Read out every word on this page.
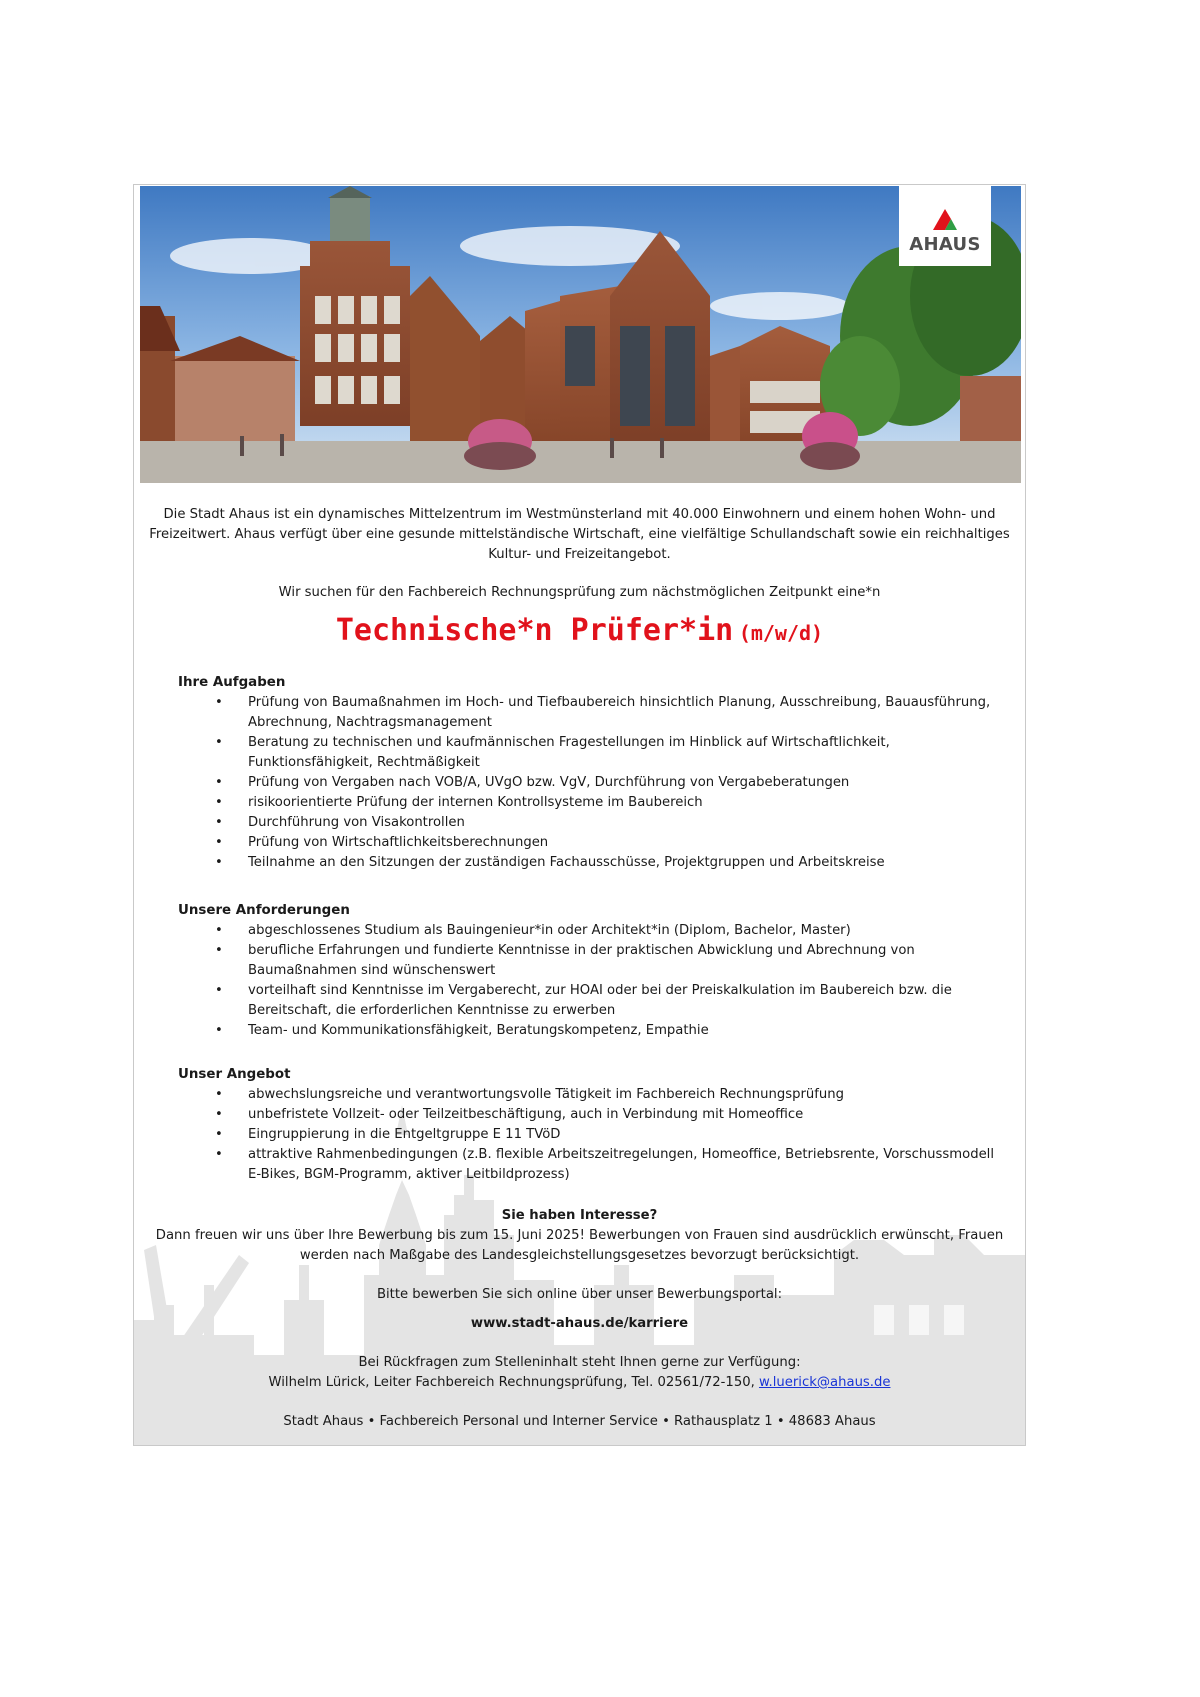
AHAUS
Die Stadt Ahaus ist ein dynamisches Mittelzentrum im Westmünsterland mit 40.000 Einwohnern und einem hohen Wohn- und Freizeitwert. Ahaus verfügt über eine gesunde mittelständische Wirtschaft, eine vielfältige Schullandschaft sowie ein reichhaltiges Kultur- und Freizeitangebot.
Wir suchen für den Fachbereich Rechnungsprüfung zum nächstmöglichen Zeitpunkt eine*n
Technische*n Prüfer*in (m/w/d)
Ihre Aufgaben
• Prüfung von Baumaßnahmen im Hoch- und Tiefbaubereich hinsichtlich Planung, Ausschreibung, Bauausführung, Abrechnung, Nachtragsmanagement
• Beratung zu technischen und kaufmännischen Fragestellungen im Hinblick auf Wirtschaftlichkeit, Funktionsfähigkeit, Rechtmäßigkeit
• Prüfung von Vergaben nach VOB/A, UVgO bzw. VgV, Durchführung von Vergabeberatungen
• risikoorientierte Prüfung der internen Kontrollsysteme im Baubereich
• Durchführung von Visakontrollen
• Prüfung von Wirtschaftlichkeitsberechnungen
• Teilnahme an den Sitzungen der zuständigen Fachausschüsse, Projektgruppen und Arbeitskreise
Unsere Anforderungen
• abgeschlossenes Studium als Bauingenieur*in oder Architekt*in (Diplom, Bachelor, Master)
• berufliche Erfahrungen und fundierte Kenntnisse in der praktischen Abwicklung und Abrechnung von Baumaßnahmen sind wünschenswert
• vorteilhaft sind Kenntnisse im Vergaberecht, zur HOAI oder bei der Preiskalkulation im Baubereich bzw. die Bereitschaft, die erforderlichen Kenntnisse zu erwerben
• Team- und Kommunikationsfähigkeit, Beratungskompetenz, Empathie
Unser Angebot
• abwechslungsreiche und verantwortungsvolle Tätigkeit im Fachbereich Rechnungsprüfung
• unbefristete Vollzeit- oder Teilzeitbeschäftigung, auch in Verbindung mit Homeoffice
• Eingruppierung in die Entgeltgruppe E 11 TVöD
• attraktive Rahmenbedingungen (z.B. flexible Arbeitszeitregelungen, Homeoffice, Betriebsrente, Vorschussmodell E-Bikes, BGM-Programm, aktiver Leitbildprozess)
Sie haben Interesse?
Dann freuen wir uns über Ihre Bewerbung bis zum 15. Juni 2025! Bewerbungen von Frauen sind ausdrücklich erwünscht, Frauen werden nach Maßgabe des Landesgleichstellungsgesetzes bevorzugt berücksichtigt.
Bitte bewerben Sie sich online über unser Bewerbungsportal:
www.stadt-ahaus.de/karriere
Bei Rückfragen zum Stelleninhalt steht Ihnen gerne zur Verfügung:
Wilhelm Lürick, Leiter Fachbereich Rechnungsprüfung, Tel. 02561/72-150, w.luerick@ahaus.de
Stadt Ahaus • Fachbereich Personal und Interner Service • Rathausplatz 1 • 48683 Ahaus
